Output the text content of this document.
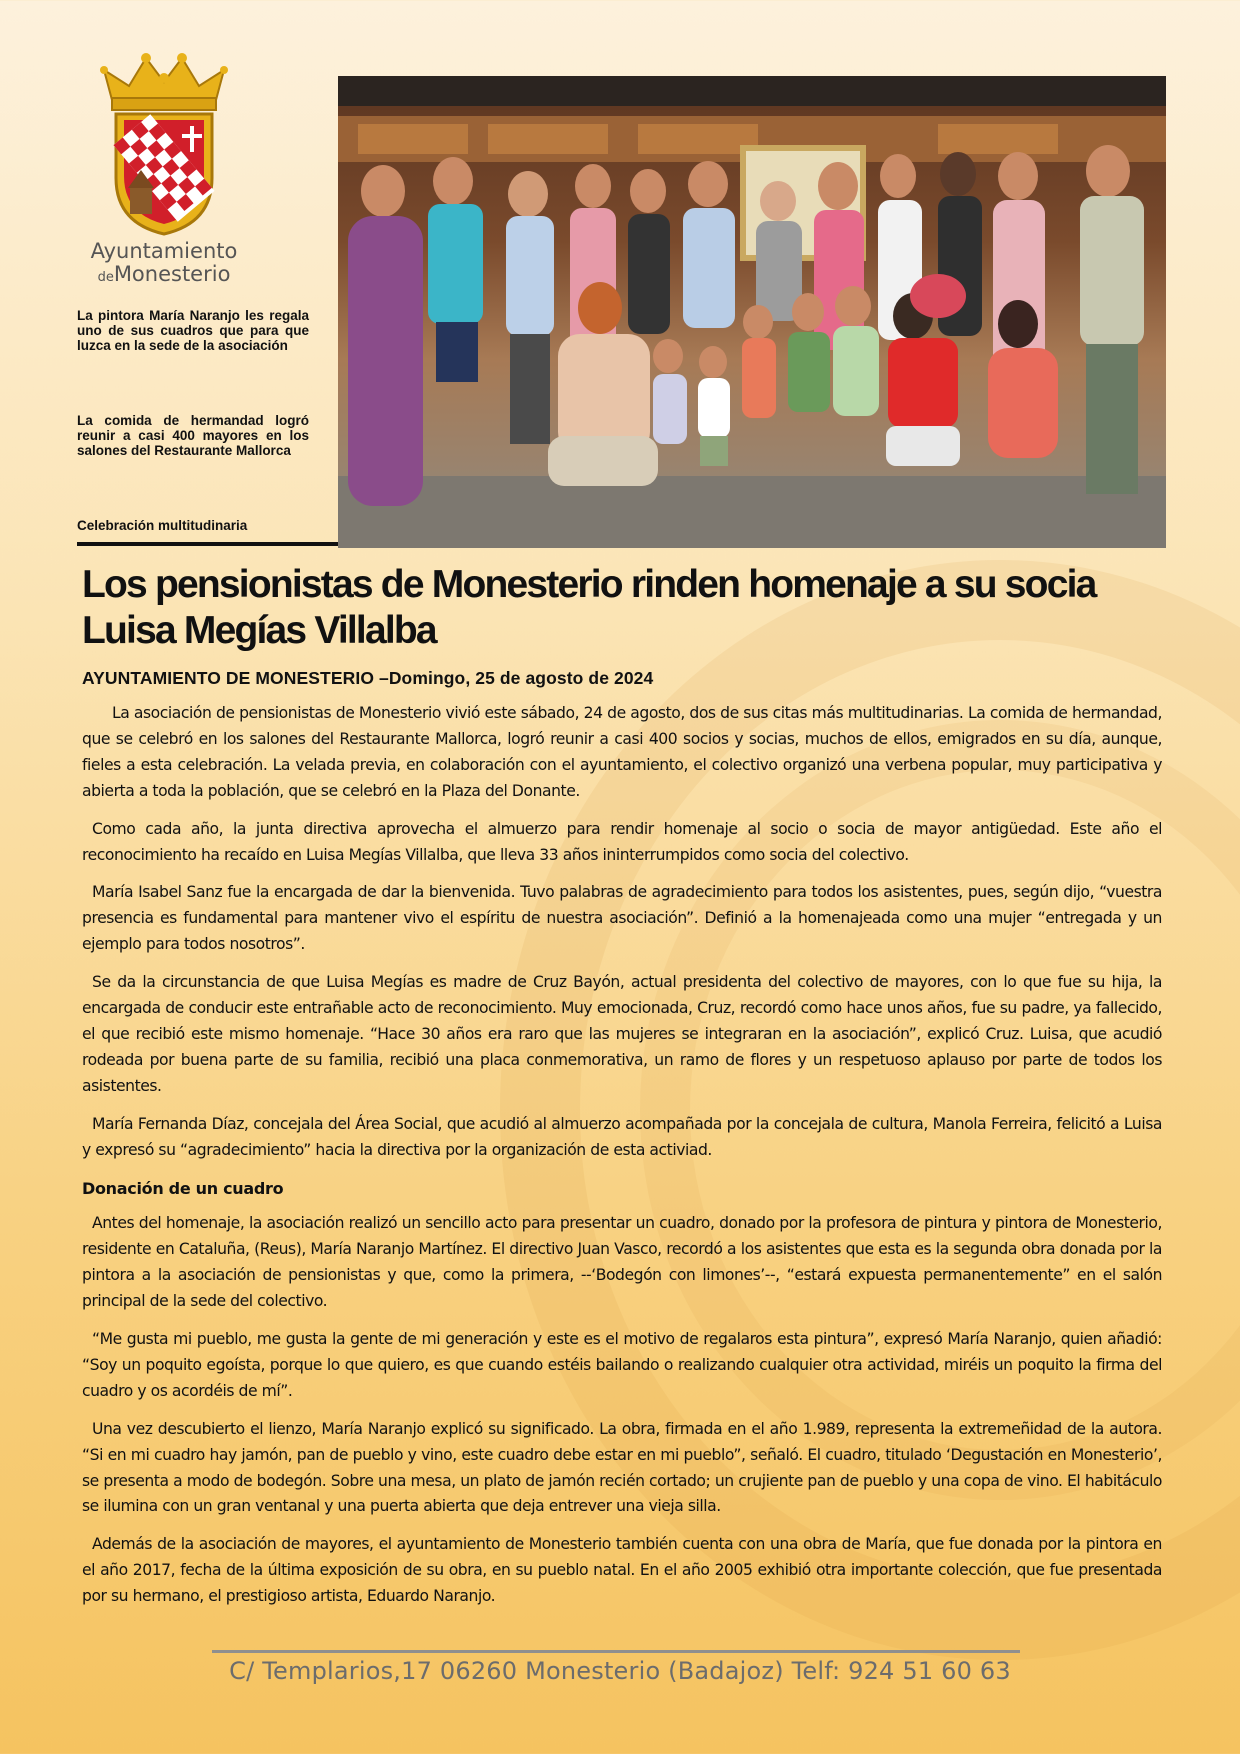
Ayuntamiento
deMonesterio
La pintora María Naranjo les regala uno de sus cuadros que para que luzca en la sede de la asociación
La comida de hermandad logró reunir a casi 400 mayores en los salones del Restaurante Mallorca
Celebración multitudinaria
Los pensionistas de Monesterio rinden homenaje a su socia Luisa Megías Villalba
AYUNTAMIENTO DE MONESTERIO –Domingo, 25 de agosto de 2024

La asociación de pensionistas de Monesterio vivió este sábado, 24 de agosto, dos de sus citas más multitudinarias. La comida de hermandad, que se celebró en los salones del Restaurante Mallorca, logró reunir a casi 400 socios y socias, muchos de ellos, emigrados en su día, aunque, fieles a esta celebración. La velada previa, en colaboración con el ayuntamiento, el colectivo organizó una verbena popular, muy participativa y abierta a toda la población, que se celebró en la Plaza del Donante.

Como cada año, la junta directiva aprovecha el almuerzo para rendir homenaje al socio o socia de mayor antigüedad. Este año el reconocimiento ha recaído en Luisa Megías Villalba, que lleva 33 años ininterrumpidos como socia del colectivo.

María Isabel Sanz fue la encargada de dar la bienvenida. Tuvo palabras de agradecimiento para todos los asistentes, pues, según dijo, “vuestra presencia es fundamental para mantener vivo el espíritu de nuestra asociación”. Definió a la homenajeada como una mujer “entregada y un ejemplo para todos nosotros”.

Se da la circunstancia de que Luisa Megías es madre de Cruz Bayón, actual presidenta del colectivo de mayores, con lo que fue su hija, la encargada de conducir este entrañable acto de reconocimiento. Muy emocionada, Cruz, recordó como hace unos años, fue su padre, ya fallecido, el que recibió este mismo homenaje. “Hace 30 años era raro que las mujeres se integraran en la asociación”, explicó Cruz. Luisa, que acudió rodeada por buena parte de su familia, recibió una placa conmemorativa, un ramo de flores y un respetuoso aplauso por parte de todos los asistentes.

María Fernanda Díaz, concejala del Área Social, que acudió al almuerzo acompañada por la concejala de cultura, Manola Ferreira, felicitó a Luisa y expresó su “agradecimiento” hacia la directiva por la organización de esta activiad.

Donación de un cuadro

Antes del homenaje, la asociación realizó un sencillo acto para presentar un cuadro, donado por la profesora de pintura y pintora de Monesterio, residente en Cataluña, (Reus), María Naranjo Martínez. El directivo Juan Vasco, recordó a los asistentes que esta es la segunda obra donada por la pintora a la asociación de pensionistas y que, como la primera, --‘Bodegón con limones’--, “estará expuesta permanentemente” en el salón principal de la sede del colectivo.

“Me gusta mi pueblo, me gusta la gente de mi generación y este es el motivo de regalaros esta pintura”, expresó María Naranjo, quien añadió: “Soy un poquito egoísta, porque lo que quiero, es que cuando estéis bailando o realizando cualquier otra actividad, miréis un poquito la firma del cuadro y os acordéis de mí”.

Una vez descubierto el lienzo, María Naranjo explicó su significado. La obra, firmada en el año 1.989, representa la extremeñidad de la autora. “Si en mi cuadro hay jamón, pan de pueblo y vino, este cuadro debe estar en mi pueblo”, señaló. El cuadro, titulado ‘Degustación en Monesterio’, se presenta a modo de bodegón. Sobre una mesa, un plato de jamón recién cortado; un crujiente pan de pueblo y una copa de vino. El habitáculo se ilumina con un gran ventanal y una puerta abierta que deja entrever una vieja silla.

Además de la asociación de mayores, el ayuntamiento de Monesterio también cuenta con una obra de María, que fue donada por la pintora en el año 2017, fecha de la última exposición de su obra, en su pueblo natal. En el año 2005 exhibió otra importante colección, que fue presentada por su hermano, el prestigioso artista, Eduardo Naranjo.

C/ Templarios,17 06260 Monesterio (Badajoz) Telf: 924 51 60 63
